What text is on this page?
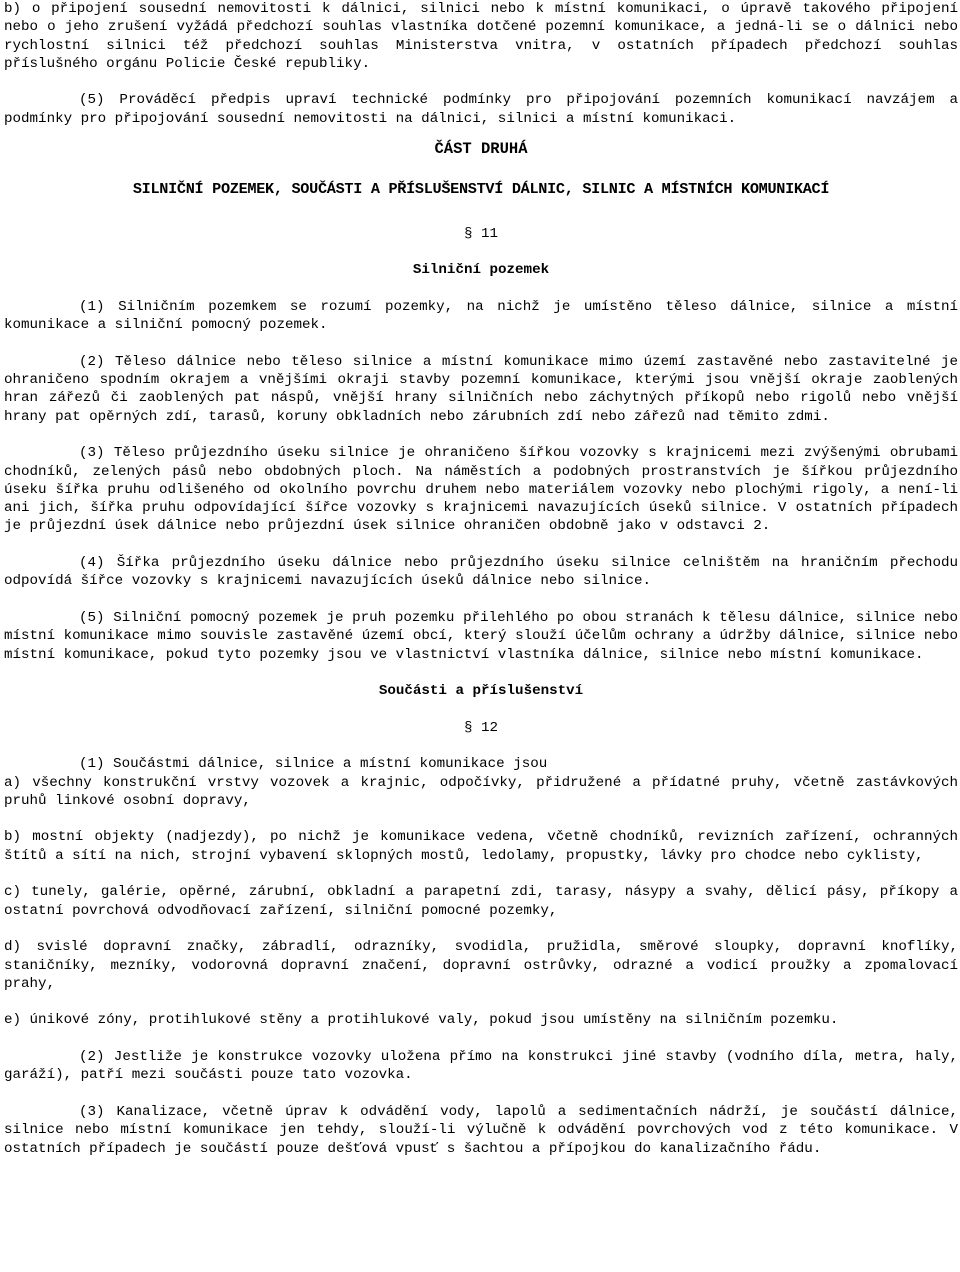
b) o připojení sousední nemovitosti k dálnici, silnici nebo k místní komunikaci, o úpravě takového připojení nebo o jeho zrušení vyžádá předchozí souhlas vlastníka dotčené pozemní komunikace, a jedná-li se o dálnici nebo rychlostní silnici též předchozí souhlas Ministerstva vnitra, v ostatních případech předchozí souhlas příslušného orgánu Policie České republiky.

(5) Prováděcí předpis upraví technické podmínky pro připojování pozemních komunikací navzájem a podmínky pro připojování sousední nemovitosti na dálnici, silnici a místní komunikaci.

ČÁST DRUHÁ
SILNIČNÍ POZEMEK, SOUČÁSTI A PŘÍSLUŠENSTVÍ DÁLNIC, SILNIC A MÍSTNÍCH KOMUNIKACÍ

§ 11

Silniční pozemek

(1) Silničním pozemkem se rozumí pozemky, na nichž je umístěno těleso dálnice, silnice a místní komunikace a silniční pomocný pozemek.

(2) Těleso dálnice nebo těleso silnice a místní komunikace mimo území zastavěné nebo zastavitelné je ohraničeno spodním okrajem a vnějšími okraji stavby pozemní komunikace, kterými jsou vnější okraje zaoblených hran zářezů či zaoblených pat náspů, vnější hrany silničních nebo záchytných příkopů nebo rigolů nebo vnější hrany pat opěrných zdí, tarasů, koruny obkladních nebo zárubních zdí nebo zářezů nad těmito zdmi.

(3) Těleso průjezdního úseku silnice je ohraničeno šířkou vozovky s krajnicemi mezi zvýšenými obrubami chodníků, zelených pásů nebo obdobných ploch. Na náměstích a podobných prostranstvích je šířkou průjezdního úseku šířka pruhu odlišeného od okolního povrchu druhem nebo materiálem vozovky nebo plochými rigoly, a není-li ani jich, šířka pruhu odpovídající šířce vozovky s krajnicemi navazujících úseků silnice. V ostatních případech je průjezdní úsek dálnice nebo průjezdní úsek silnice ohraničen obdobně jako v odstavci 2.

(4) Šířka průjezdního úseku dálnice nebo průjezdního úseku silnice celništěm na hraničním přechodu odpovídá šířce vozovky s krajnicemi navazujících úseků dálnice nebo silnice.

(5) Silniční pomocný pozemek je pruh pozemku přilehlého po obou stranách k tělesu dálnice, silnice nebo místní komunikace mimo souvisle zastavěné území obcí, který slouží účelům ochrany a údržby dálnice, silnice nebo místní komunikace, pokud tyto pozemky jsou ve vlastnictví vlastníka dálnice, silnice nebo místní komunikace.

Součásti a příslušenství

§ 12

(1) Součástmi dálnice, silnice a místní komunikace jsou

a) všechny konstrukční vrstvy vozovek a krajnic, odpočívky, přidružené a přídatné pruhy, včetně zastávkových pruhů linkové osobní dopravy,

b) mostní objekty (nadjezdy), po nichž je komunikace vedena, včetně chodníků, revizních zařízení, ochranných štítů a sítí na nich, strojní vybavení sklopných mostů, ledolamy, propustky, lávky pro chodce nebo cyklisty,

c) tunely, galérie, opěrné, zárubní, obkladní a parapetní zdi, tarasy, násypy a svahy, dělicí pásy, příkopy a ostatní povrchová odvodňovací zařízení, silniční pomocné pozemky,

d) svislé dopravní značky, zábradlí, odrazníky, svodidla, pružidla, směrové sloupky, dopravní knoflíky, staničníky, mezníky, vodorovná dopravní značení, dopravní ostrůvky, odrazné a vodicí proužky a zpomalovací prahy,

e) únikové zóny, protihlukové stěny a protihlukové valy, pokud jsou umístěny na silničním pozemku.

(2) Jestliže je konstrukce vozovky uložena přímo na konstrukci jiné stavby (vodního díla, metra, haly, garáží), patří mezi součásti pouze tato vozovka.

(3) Kanalizace, včetně úprav k odvádění vody, lapolů a sedimentačních nádrží, je součástí dálnice, silnice nebo místní komunikace jen tehdy, slouží-li výlučně k odvádění povrchových vod z této komunikace. V ostatních případech je součástí pouze dešťová vpusť s šachtou a přípojkou do kanalizačního řádu.
